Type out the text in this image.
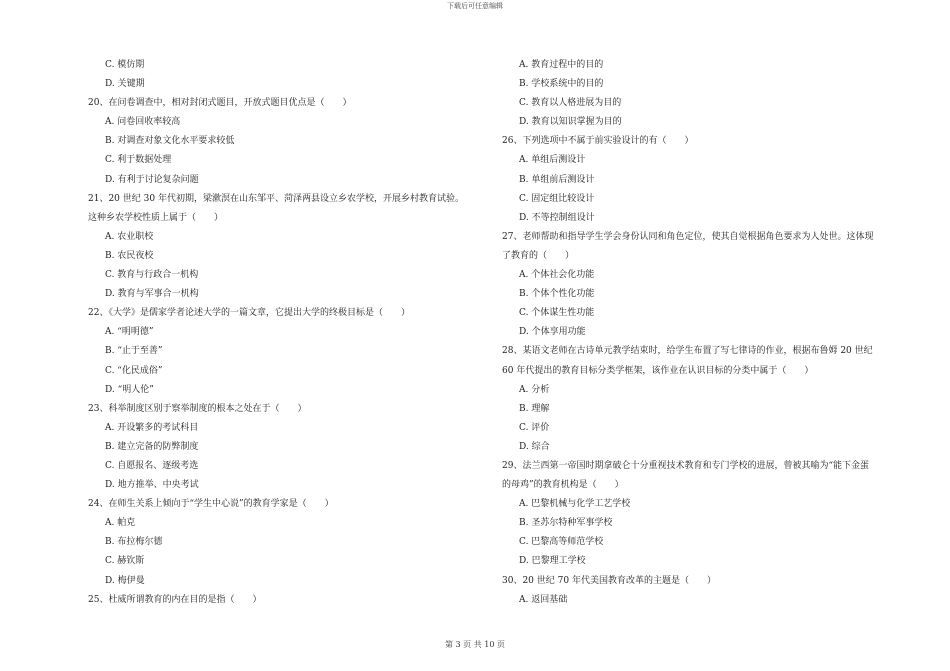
下载后可任意编辑
C. 模仿期
D. 关键期
20、在问卷调查中，相对封闭式题目，开放式题目优点是（　　）
A. 问卷回收率较高
B. 对调查对象文化水平要求较低
C. 利于数据处理
D. 有利于讨论复杂问题
21、20 世纪 30 年代初期，梁漱溟在山东邹平、菏泽两县设立乡农学校，开展乡村教育试验。
这种乡农学校性质上属于（　　）
A. 农业职校
B. 农民夜校
C. 教育与行政合一机构
D. 教育与军事合一机构
22、《大学》是儒家学者论述大学的一篇文章，它提出大学的终极目标是（　　）
A. “明明德”
B. “止于至善”
C. “化民成俗”
D. “明人伦”
23、科举制度区别于察举制度的根本之处在于（　　）
A. 开设繁多的考试科目
B. 建立完备的防弊制度
C. 自愿报名、逐级考选
D. 地方推举、中央考试
24、在师生关系上倾向于“学生中心说”的教育学家是（　　）
A. 帕克
B. 布拉梅尔德
C. 赫钦斯
D. 梅伊曼
25、杜威所谓教育的内在目的是指（　　）
A. 教育过程中的目的
B. 学校系统中的目的
C. 教育以人格进展为目的
D. 教育以知识掌握为目的
26、下列选项中不属于前实验设计的有（　　）
A. 单组后测设计
B. 单组前后测设计
C. 固定组比较设计
D. 不等控制组设计
27、老师帮助和指导学生学会身份认同和角色定位，使其自觉根据角色要求为人处世。这体现
了教育的（　　）
A. 个体社会化功能
B. 个体个性化功能
C. 个体谋生性功能
D. 个体享用功能
28、某语文老师在古诗单元教学结束时，给学生布置了写七律诗的作业，根据布鲁姆 20 世纪
60 年代提出的教育目标分类学框架，该作业在认识目标的分类中属于（　　）
A. 分析
B. 理解
C. 评价
D. 综合
29、法兰西第一帝国时期拿破仑十分重视技术教育和专门学校的进展，曾被其喻为“能下金蛋
的母鸡”的教育机构是（　　）
A. 巴黎机械与化学工艺学校
B. 圣苏尔特种军事学校
C. 巴黎高等师范学校
D. 巴黎理工学校
30、20 世纪 70 年代美国教育改革的主题是（　　）
A. 返回基础
第 3 页 共 10 页
